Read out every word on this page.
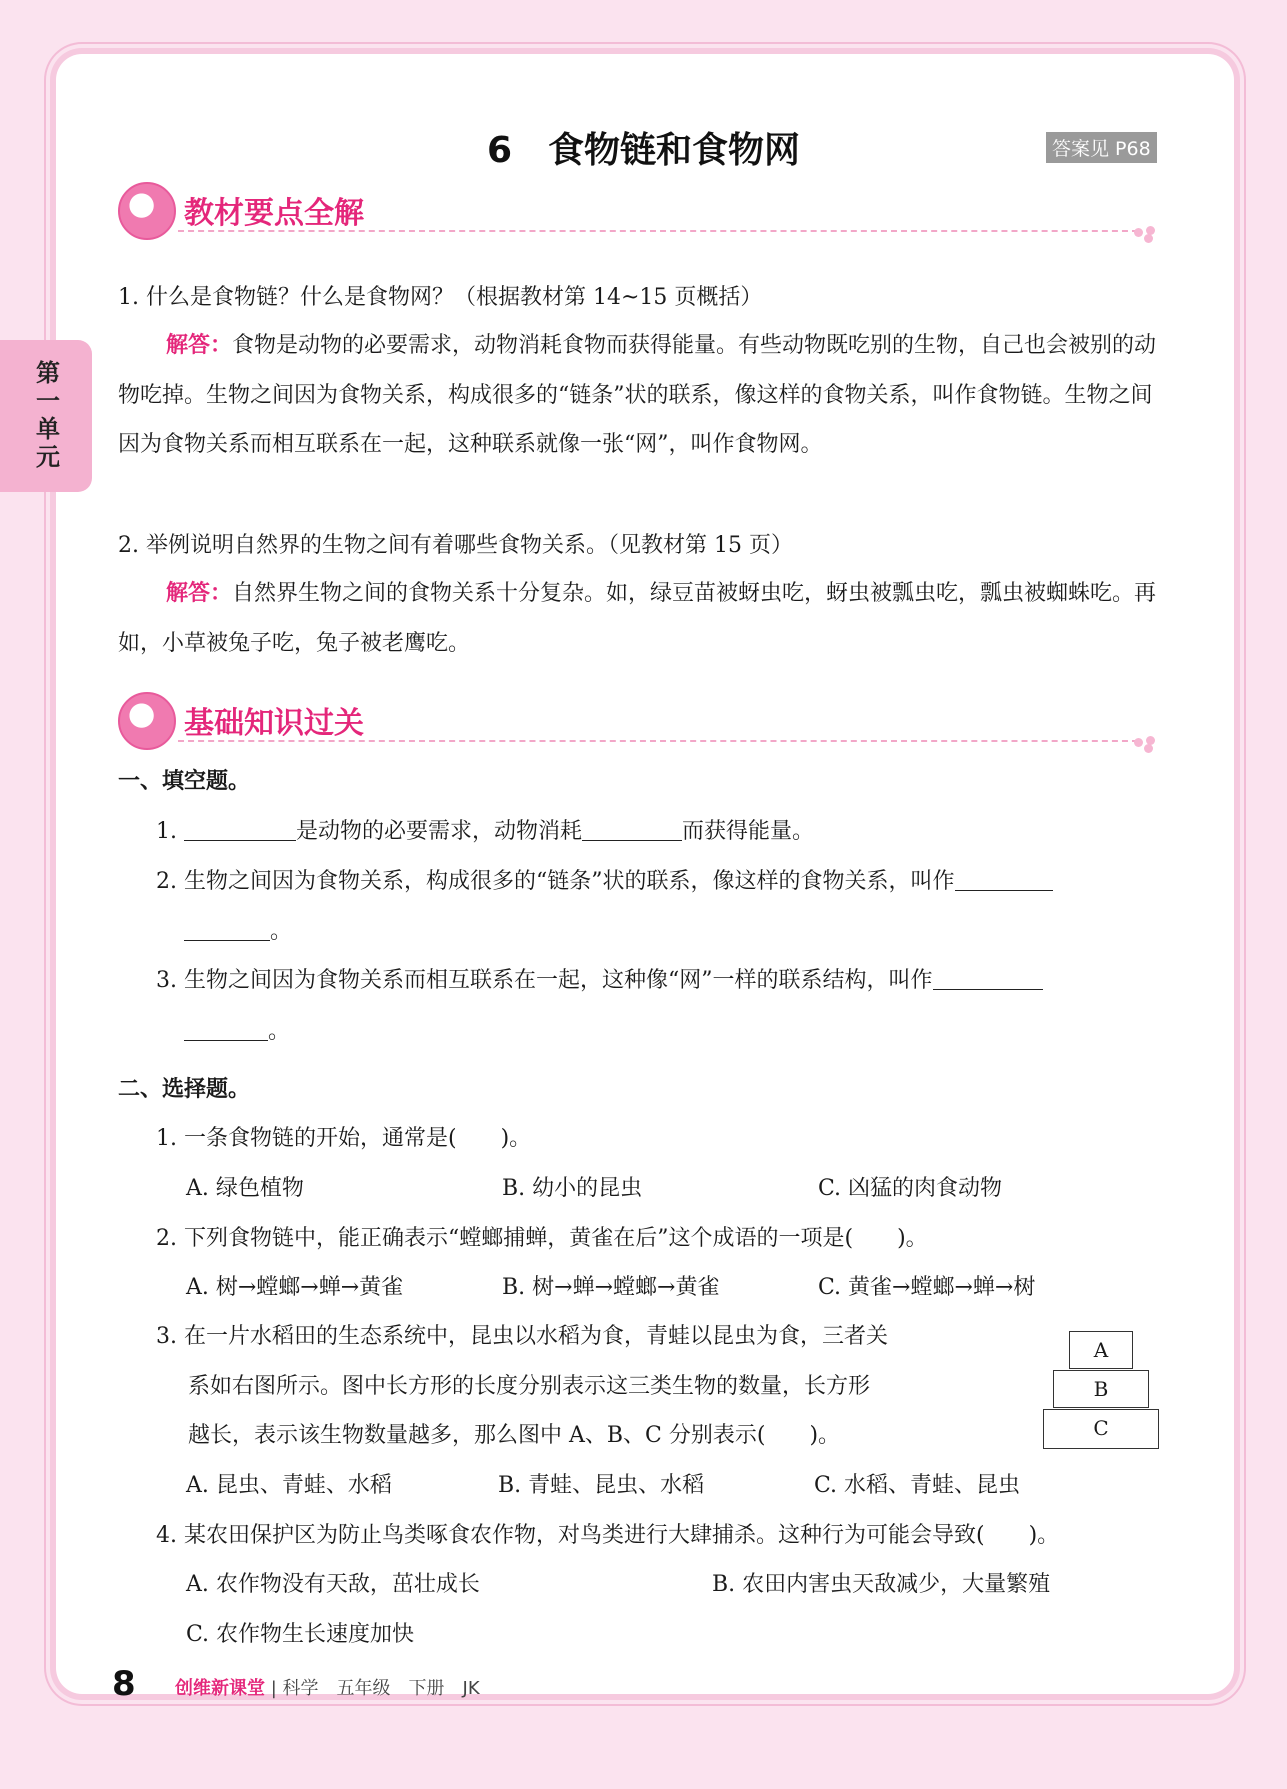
第一单元
6　食物链和食物网	答案见 P68
教材要点全解
1. 什么是食物链？什么是食物网？（根据教材第 14~15 页概括）
解答：食物是动物的必要需求，动物消耗食物而获得能量。有些动物既吃别的生物，自己也会被别的动物吃掉。生物之间因为食物关系，构成很多的“链条”状的联系，像这样的食物关系，叫作食物链。生物之间因为食物关系而相互联系在一起，这种联系就像一张“网”，叫作食物网。
2. 举例说明自然界的生物之间有着哪些食物关系。（见教材第 15 页）
解答：自然界生物之间的食物关系十分复杂。如，绿豆苗被蚜虫吃，蚜虫被瓢虫吃，瓢虫被蜘蛛吃。再如，小草被兔子吃，兔子被老鹰吃。
基础知识过关
一、填空题。
1.	是动物的必要需求，动物消耗	而获得能量。
2. 生物之间因为食物关系，构成很多的“链条”状的联系，像这样的食物关系，叫作
。
3. 生物之间因为食物关系而相互联系在一起，这种像“网”一样的联系结构，叫作
。
二、选择题。
1. 一条食物链的开始，通常是(　　)。
A. 绿色植物	B. 幼小的昆虫	C. 凶猛的肉食动物
2. 下列食物链中，能正确表示“螳螂捕蝉，黄雀在后”这个成语的一项是(　　)。
A. 树→螳螂→蝉→黄雀	B. 树→蝉→螳螂→黄雀	C. 黄雀→螳螂→蝉→树
3. 在一片水稻田的生态系统中，昆虫以水稻为食，青蛙以昆虫为食，三者关
系如右图所示。图中长方形的长度分别表示这三类生物的数量，长方形
越长，表示该生物数量越多，那么图中 A、B、C 分别表示(　　)。
A
B
C
A. 昆虫、青蛙、水稻	B. 青蛙、昆虫、水稻	C. 水稻、青蛙、昆虫
4. 某农田保护区为防止鸟类啄食农作物，对鸟类进行大肆捕杀。这种行为可能会导致(　　)。
A. 农作物没有天敌，茁壮成长	B. 农田内害虫天敌减少，大量繁殖
C. 农作物生长速度加快
8 创维新课堂 | 科学　五年级　下册　JK
